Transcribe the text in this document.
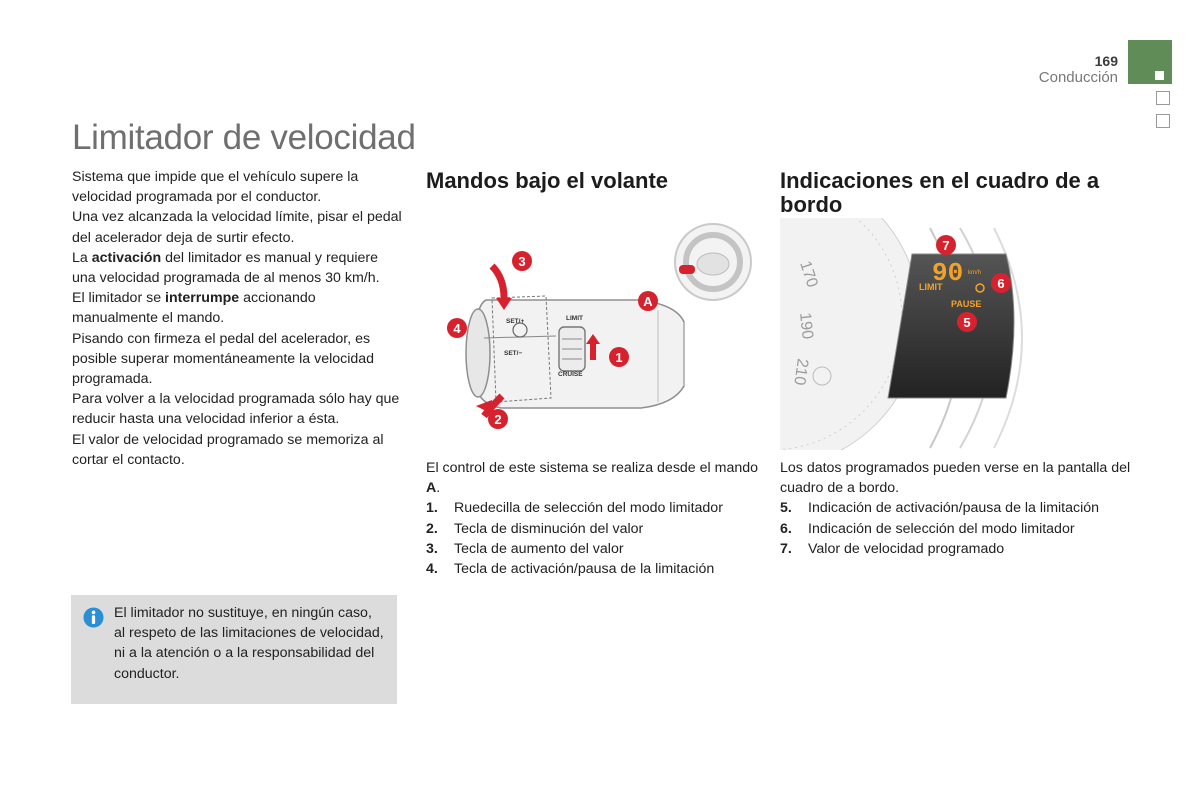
169
Conducción
Limitador de velocidad

Sistema que impide que el vehículo supere la velocidad programada por el conductor.

Una vez alcanzada la velocidad límite, pisar el pedal del acelerador deja de surtir efecto.

La activación del limitador es manual y requiere una velocidad programada de al menos 30 km/h.

El limitador se interrumpe accionando manualmente el mando.

Pisando con firmeza el pedal del acelerador, es posible superar momentáneamente la velocidad programada.

Para volver a la velocidad programada sólo hay que reducir hasta una velocidad inferior a ésta.

El valor de velocidad programado se memoriza al cortar el contacto.

El limitador no sustituye, en ningún caso, al respeto de las limitaciones de velocidad, ni a la atención o a la responsabilidad del conductor.
Mandos bajo el volante
SET/+
SET/−
LIMIT
CRUISE
A
3
4
1
2

El control de este sistema se realiza desde el mando A.

1. Ruedecilla de selección del modo limitador
2. Tecla de disminución del valor
3. Tecla de aumento del valor
4. Tecla de activación/pausa de la limitación
Indicaciones en el cuadro de a bordo
170
190
210
90 km/h
LIMIT
PAUSE
7
6
5

Los datos programados pueden verse en la pantalla del cuadro de a bordo.

5. Indicación de activación/pausa de la limitación
6. Indicación de selección del modo limitador
7. Valor de velocidad programado
